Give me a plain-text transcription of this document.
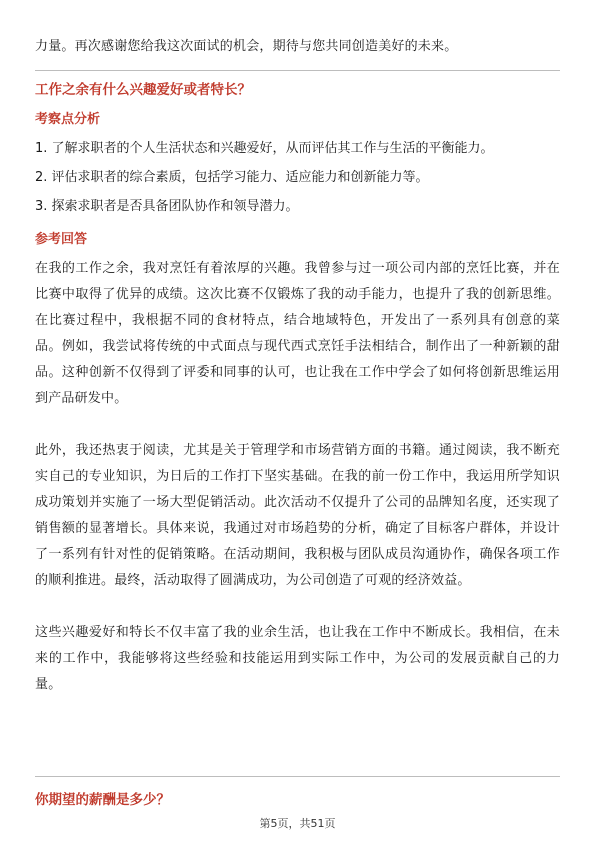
力量。再次感谢您给我这次面试的机会，期待与您共同创造美好的未来。

工作之余有什么兴趣爱好或者特长？
考察点分析
1. 了解求职者的个人生活状态和兴趣爱好，从而评估其工作与生活的平衡能力。
2. 评估求职者的综合素质，包括学习能力、适应能力和创新能力等。
3. 探索求职者是否具备团队协作和领导潜力。
参考回答

在我的工作之余，我对烹饪有着浓厚的兴趣。我曾参与过一项公司内部的烹饪比赛，并在比赛中取得了优异的成绩。这次比赛不仅锻炼了我的动手能力，也提升了我的创新思维。在比赛过程中，我根据不同的食材特点，结合地域特色，开发出了一系列具有创意的菜品。例如，我尝试将传统的中式面点与现代西式烹饪手法相结合，制作出了一种新颖的甜品。这种创新不仅得到了评委和同事的认可，也让我在工作中学会了如何将创新思维运用到产品研发中。

此外，我还热衷于阅读，尤其是关于管理学和市场营销方面的书籍。通过阅读，我不断充实自己的专业知识，为日后的工作打下坚实基础。在我的前一份工作中，我运用所学知识成功策划并实施了一场大型促销活动。此次活动不仅提升了公司的品牌知名度，还实现了销售额的显著增长。具体来说，我通过对市场趋势的分析，确定了目标客户群体，并设计了一系列有针对性的促销策略。在活动期间，我积极与团队成员沟通协作，确保各项工作的顺利推进。最终，活动取得了圆满成功，为公司创造了可观的经济效益。

这些兴趣爱好和特长不仅丰富了我的业余生活，也让我在工作中不断成长。我相信，在未来的工作中，我能够将这些经验和技能运用到实际工作中，为公司的发展贡献自己的力量。

你期望的薪酬是多少？
第5页，共51页
